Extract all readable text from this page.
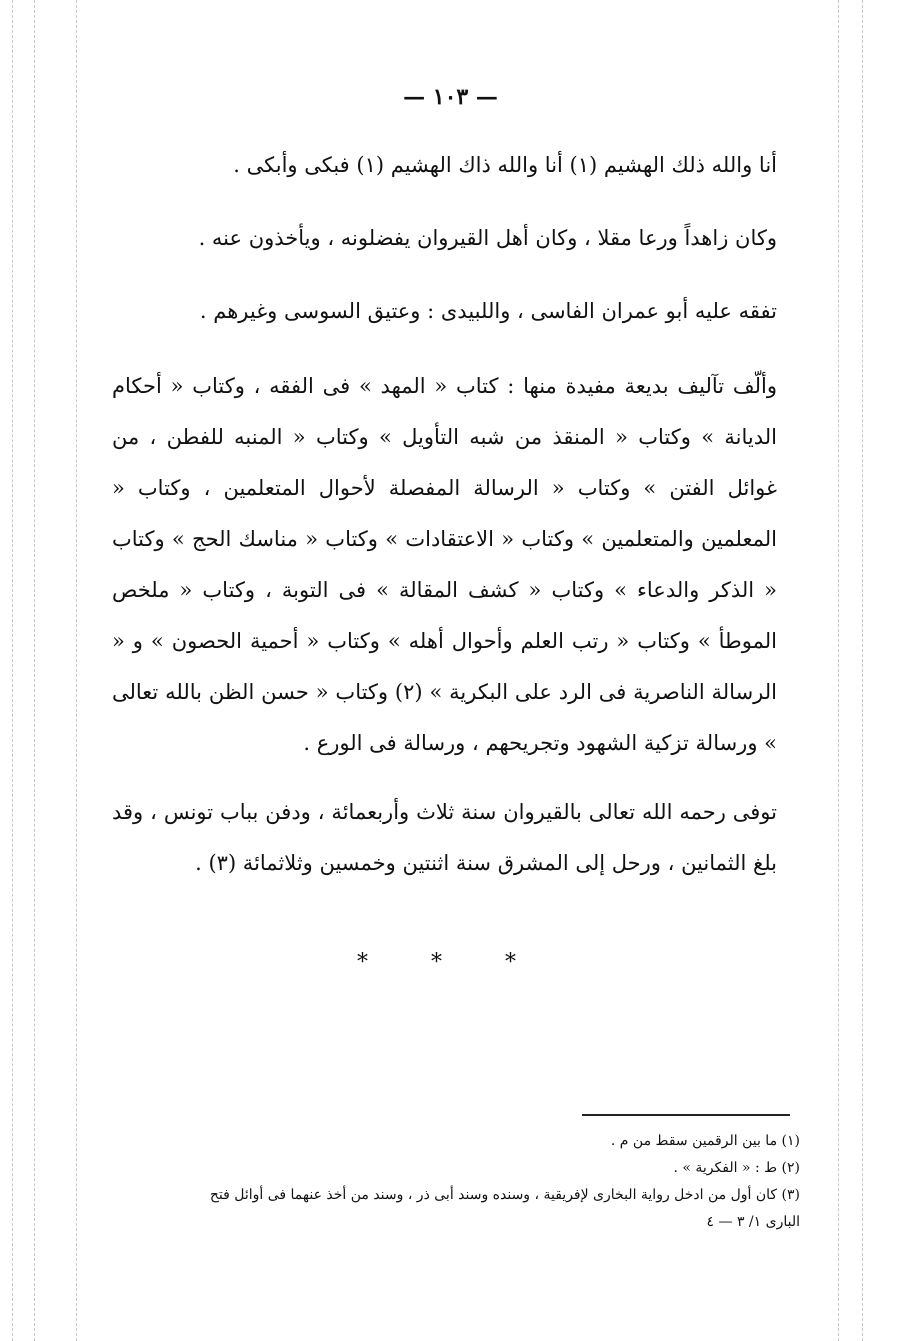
— ١٠٣ —

أنا والله ذلك الهشيم (١) أنا والله ذاك الهشيم (١) فبكى وأبكى .

وكان زاهداً ورعا مقلا ، وكان أهل القيروان يفضلونه ، ويأخذون عنه .

تفقه عليه أبو عمران الفاسى ، واللبيدى : وعتيق السوسى وغيرهم .

وألّف تآليف بديعة مفيدة منها : كتاب « المهد » فى الفقه ، وكتاب « أحكام الديانة » وكتاب « المنقذ من شبه التأويل » وكتاب « المنبه للفطن ، من غوائل الفتن » وكتاب « الرسالة المفصلة لأحوال المتعلمين ، وكتاب « المعلمين والمتعلمين » وكتاب « الاعتقادات » وكتاب « مناسك الحج » وكتاب « الذكر والدعاء » وكتاب « كشف المقالة » فى التوبة ، وكتاب « ملخص الموطأ » وكتاب « رتب العلم وأحوال أهله » وكتاب « أحمية الحصون » و « الرسالة الناصرية فى الرد على البكرية » (٢) وكتاب « حسن الظن بالله تعالى » ورسالة تزكية الشهود وتجريحهم ، ورسالة فى الورع .

توفى رحمه الله تعالى بالقيروان سنة ثلاث وأربعمائة ، ودفن بباب تونس ، وقد بلغ الثمانين ، ورحل إلى المشرق سنة اثنتين وخمسين وثلاثمائة (٣) .

* * *

(١) ما بين الرقمين سقط من م .

(٢) ط : « الفكرية » .

(٣) كان أول من ادخل رواية البخارى لإفريقية ، وسنده وسند أبى ذر ، وسند من أخذ عنهما فى أوائل فتح البارى ١/ ٣ — ٤
